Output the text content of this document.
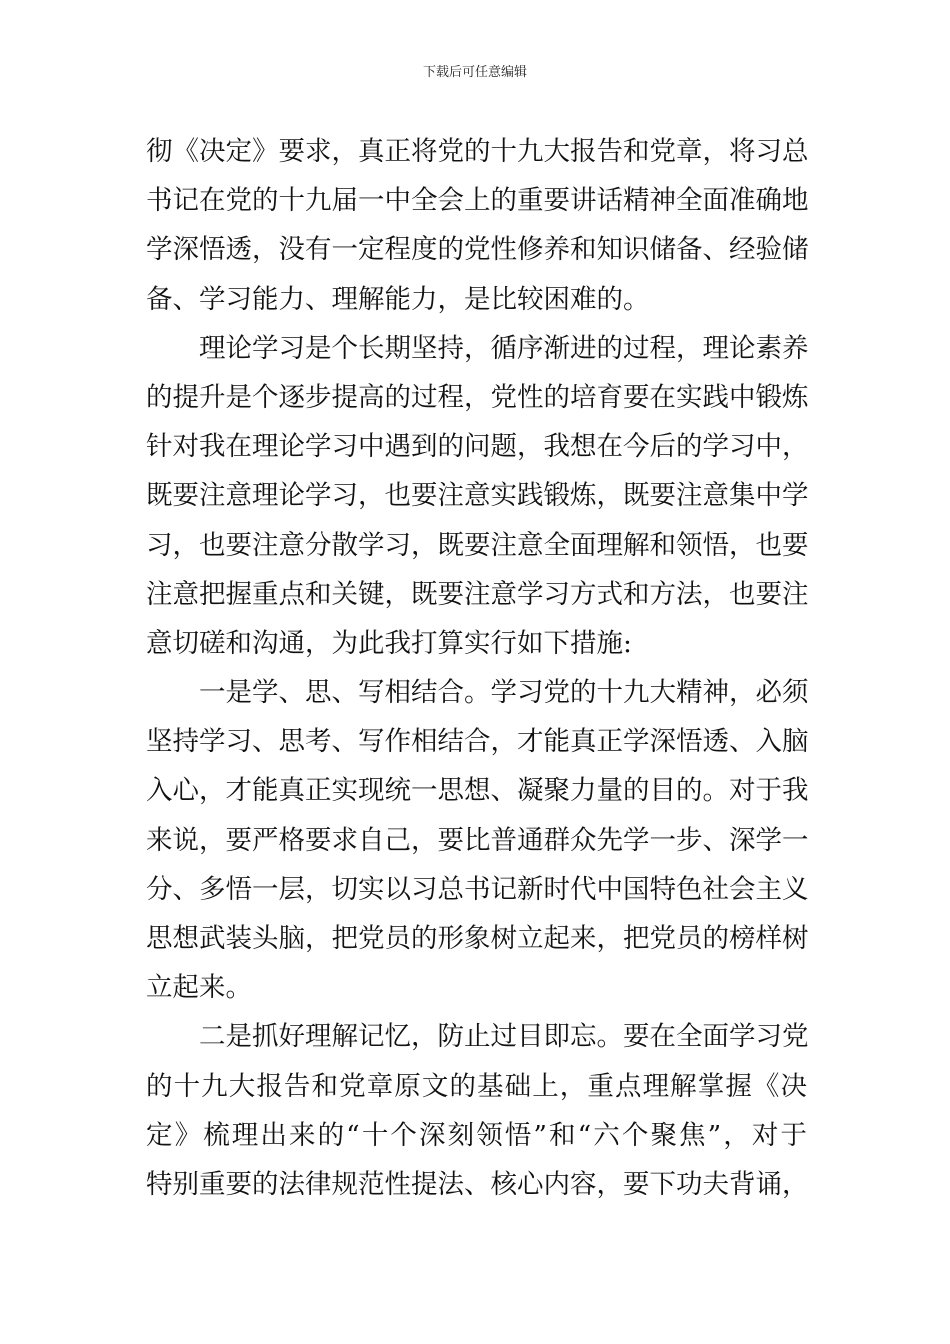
下载后可任意编辑
彻《决定》要求，真正将党的十九大报告和党章，将习总
书记在党的十九届一中全会上的重要讲话精神全面准确地
学深悟透，没有一定程度的党性修养和知识储备、经验储
备、学习能力、理解能力，是比较困难的。
理论学习是个长期坚持，循序渐进的过程，理论素养
的提升是个逐步提高的过程，党性的培育要在实践中锻炼
针对我在理论学习中遇到的问题，我想在今后的学习中，
既要注意理论学习，也要注意实践锻炼，既要注意集中学
习，也要注意分散学习，既要注意全面理解和领悟，也要
注意把握重点和关键，既要注意学习方式和方法，也要注
意切磋和沟通，为此我打算实行如下措施:
一是学、思、写相结合。学习党的十九大精神，必须
坚持学习、思考、写作相结合，才能真正学深悟透、入脑
入心，才能真正实现统一思想、凝聚力量的目的。对于我
来说，要严格要求自己，要比普通群众先学一步、深学一
分、多悟一层，切实以习总书记新时代中国特色社会主义
思想武装头脑，把党员的形象树立起来，把党员的榜样树
立起来。
二是抓好理解记忆，防止过目即忘。要在全面学习党
的十九大报告和党章原文的基础上，重点理解掌握《决
定》梳理出来的“十个深刻领悟”和“六个聚焦”，对于
特别重要的法律规范性提法、核心内容，要下功夫背诵，
